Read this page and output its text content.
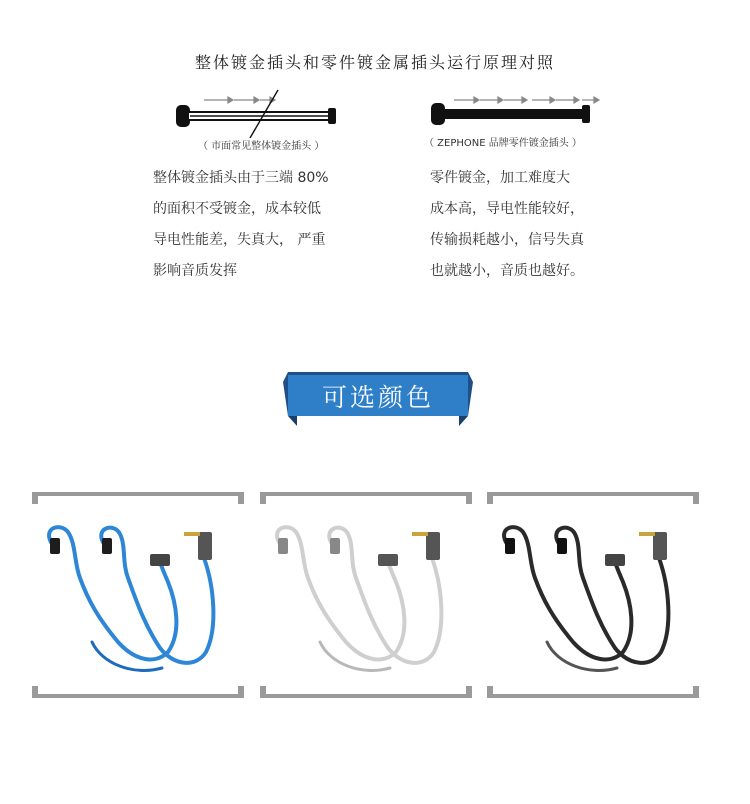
整体镀金插头和零件镀金属插头运行原理对照
（ 市面常见整体镀金插头 ）	（ ZEPHONE 品牌零件镀金插头 ）
整体镀金插头由于三端 80%
的面积不受镀金，成本较低
导电性能差，失真大， 严重
影响音质发挥
零件镀金，加工难度大
成本高，导电性能较好，
传输损耗越小，信号失真
也就越小，音质也越好。
可选颜色
